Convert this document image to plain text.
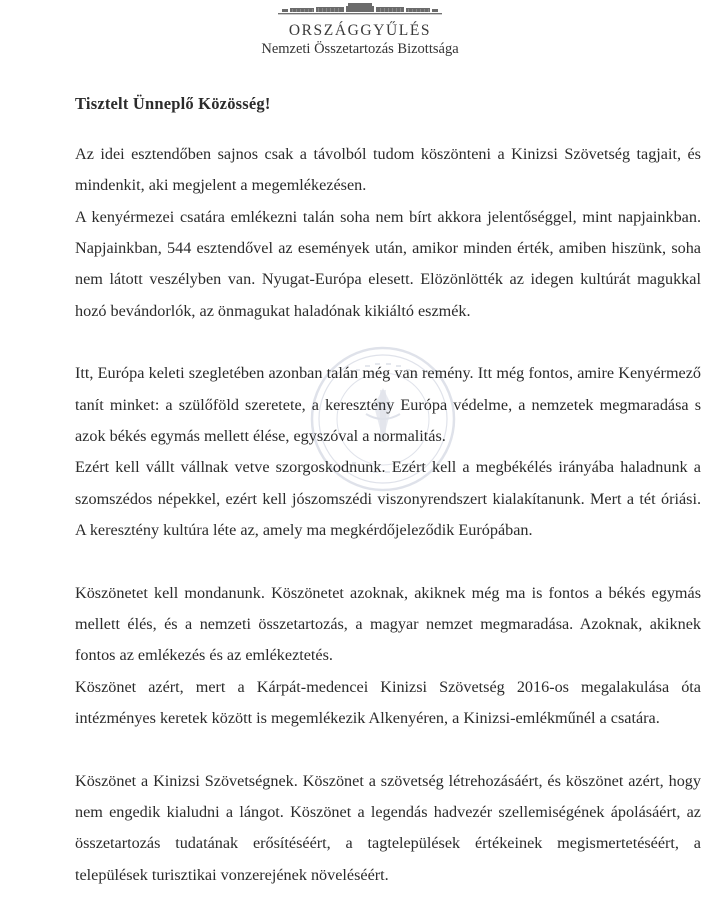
ORSZÁGGYŰLÉS
Nemzeti Összetartozás Bizottsága

Tisztelt Ünneplő Közösség!

Az idei esztendőben sajnos csak a távolból tudom köszönteni a Kinizsi Szövetség tagjait, és mindenkit, aki megjelent a megemlékezésen.

A kenyérmezei csatára emlékezni talán soha nem bírt akkora jelentőséggel, mint napjainkban. Napjainkban, 544 esztendővel az események után, amikor minden érték, amiben hiszünk, soha nem látott veszélyben van. Nyugat-Európa elesett. Elözönlötték az idegen kultúrát magukkal hozó bevándorlók, az önmagukat haladónak kikiáltó eszmék.

Itt, Európa keleti szegletében azonban talán még van remény. Itt még fontos, amire Kenyérmező tanít minket: a szülőföld szeretete, a keresztény Európa védelme, a nemzetek megmaradása s azok békés egymás mellett élése, egyszóval a normalitás.

Ezért kell vállt vállnak vetve szorgoskodnunk. Ezért kell a megbékélés irányába haladnunk a szomszédos népekkel, ezért kell jószomszédi viszonyrendszert kialakítanunk. Mert a tét óriási. A keresztény kultúra léte az, amely ma megkérdőjeleződik Európában.

Köszönetet kell mondanunk. Köszönetet azoknak, akiknek még ma is fontos a békés egymás mellett élés, és a nemzeti összetartozás, a magyar nemzet megmaradása. Azoknak, akiknek fontos az emlékezés és az emlékeztetés.

Köszönet azért, mert a Kárpát-medencei Kinizsi Szövetség 2016-os megalakulása óta intézményes keretek között is megemlékezik Alkenyéren, a Kinizsi-emlékműnél a csatára.

Köszönet a Kinizsi Szövetségnek. Köszönet a szövetség létrehozásáért, és köszönet azért, hogy nem engedik kialudni a lángot. Köszönet a legendás hadvezér szellemiségének ápolásáért, az összetartozás tudatának erősítéséért, a tagtelepülések értékeinek megismertetéséért, a települések turisztikai vonzerejének növeléséért.
